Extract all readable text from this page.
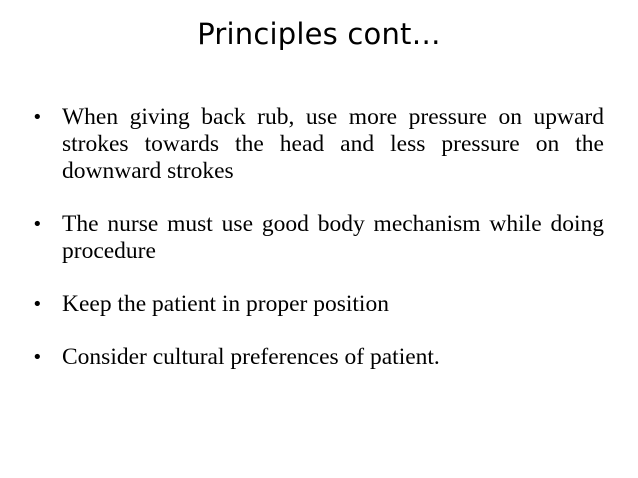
Principles cont…
• When giving back rub, use more pressure on upward strokes towards the head and less pressure on the downward strokes
• The nurse must use good body mechanism while doing procedure
• Keep the patient in proper position
• Consider cultural preferences of patient.
